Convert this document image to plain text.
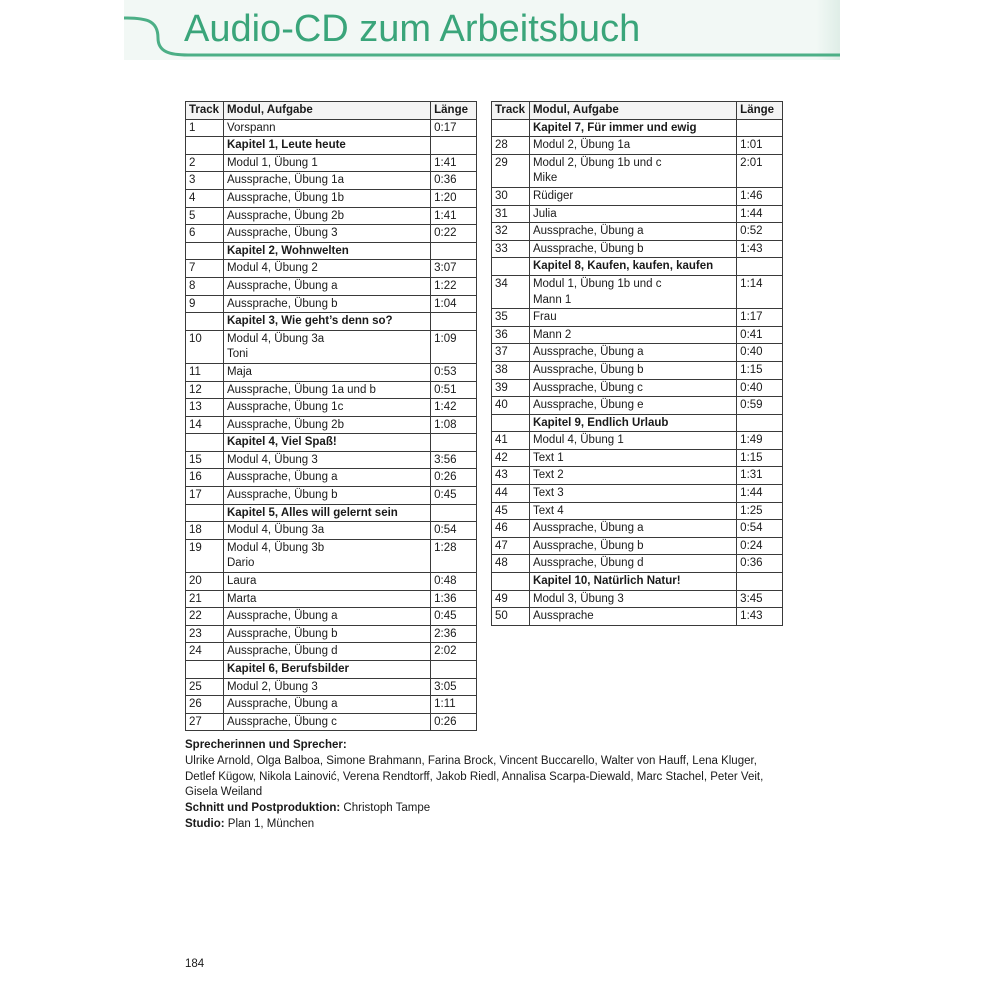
Audio-CD zum Arbeitsbuch
Track	Modul, Aufgabe	Länge
1	Vorspann	0:17

	Kapitel 1, Leute heute	

2	Modul 1, Übung 1	1:41
3	Aussprache, Übung 1a	0:36
4	Aussprache, Übung 1b	1:20
5	Aussprache, Übung 2b	1:41
6	Aussprache, Übung 3	0:22

	Kapitel 2, Wohnwelten	

7	Modul 4, Übung 2	3:07
8	Aussprache, Übung a	1:22
9	Aussprache, Übung b	1:04

	Kapitel 3, Wie geht’s denn so?	

10	Modul 4, Übung 3a
Toni	1:09
11	Maja	0:53
12	Aussprache, Übung 1a und b	0:51
13	Aussprache, Übung 1c	1:42
14	Aussprache, Übung 2b	1:08

	Kapitel 4, Viel Spaß!	

15	Modul 4, Übung 3	3:56
16	Aussprache, Übung a	0:26
17	Aussprache, Übung b	0:45

	Kapitel 5, Alles will gelernt sein	

18	Modul 4, Übung 3a	0:54
19	Modul 4, Übung 3b
Dario	1:28
20	Laura	0:48
21	Marta	1:36
22	Aussprache, Übung a	0:45
23	Aussprache, Übung b	2:36
24	Aussprache, Übung d	2:02

	Kapitel 6, Berufsbilder	

25	Modul 2, Übung 3	3:05
26	Aussprache, Übung a	1:11
27	Aussprache, Übung c	0:26
Track	Modul, Aufgabe	Länge

	Kapitel 7, Für immer und ewig	

28	Modul 2, Übung 1a	1:01
29	Modul 2, Übung 1b und c
Mike	2:01
30	Rüdiger	1:46
31	Julia	1:44
32	Aussprache, Übung a	0:52
33	Aussprache, Übung b	1:43

	Kapitel 8, Kaufen, kaufen, kaufen	

34	Modul 1, Übung 1b und c
Mann 1	1:14
35	Frau	1:17
36	Mann 2	0:41
37	Aussprache, Übung a	0:40
38	Aussprache, Übung b	1:15
39	Aussprache, Übung c	0:40
40	Aussprache, Übung e	0:59

	Kapitel 9, Endlich Urlaub	

41	Modul 4, Übung 1	1:49
42	Text 1	1:15
43	Text 2	1:31
44	Text 3	1:44
45	Text 4	1:25
46	Aussprache, Übung a	0:54
47	Aussprache, Übung b	0:24
48	Aussprache, Übung d	0:36

	Kapitel 10, Natürlich Natur!	

49	Modul 3, Übung 3	3:45
50	Aussprache	1:43

Sprecherinnen und Sprecher:

Ulrike Arnold, Olga Balboa, Simone Brahmann, Farina Brock, Vincent Buccarello, Walter von Hauff, Lena Kluger,

Detlef Kügow, Nikola Lainović, Verena Rendtorff, Jakob Riedl, Annalisa Scarpa-Diewald, Marc Stachel, Peter Veit,

Gisela Weiland

Schnitt und Postproduktion: Christoph Tampe

Studio: Plan 1, München

184
